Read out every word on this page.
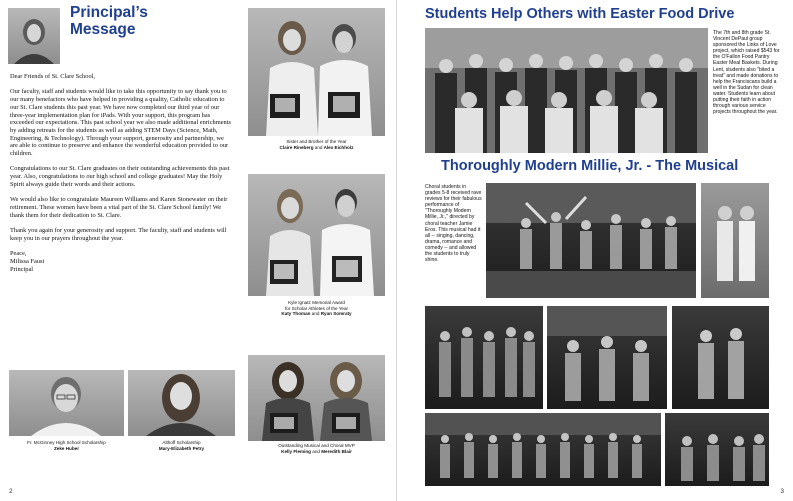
Principal’s
Message

Dear Friends of St. Clare School,

Our faculty, staff and students would like to take this opportunity to say thank you to our many benefactors who have helped in providing a quality, Catholic education to our St. Clare students this past year. We have now completed our third year of our three-year implementation plan for iPads. With your support, this program has exceeded our expectations. This past school year we also made additional enrichments by adding retreats for the students as well as adding STEM Days (Science, Math, Engineering, & Technology). Through your support, generosity and partnership, we are able to continue to preserve and enhance the wonderful education provided to our children.

Congratulations to our St. Clare graduates on their outstanding achievements this past year. Also, congratulations to our high school and college graduates! May the Holy Spirit always guide their words and their actions.

We would also like to congratulate Maureen Williams and Karen Stonewater on their retirement. These women have been a vital part of the St. Clare School family! We thank them for their dedication to St. Clare.

Thank you again for your generosity and support. The faculty, staff and students will keep you in our prayers throughout the year.

Peace,
Milissa Faust
Principal
Sister and Brother of the Year
Claire Rineberg and Alex Eichholz
Kyle Ignatz Memorial Award
for Scholar Athletes of the Year
Katy Thoman and Ryan Somraty
Fr. McGinney High School Scholarship
Zeke Huber
Althoff Scholarship
Mary-Elizabeth Petry
Outstanding Musical and Choral MVP
Kelly Fleming and Meredith Blair
2
Students Help Others with Easter Food Drive
The 7th and 8th grade St. Vincent DePaul group sponsored the Links of Love project, which raised $543 for the O'Fallon Food Pantry Easter Meal Baskets. During Lent, students also "bited a treat" and made donations to help the Franciscans build a well in the Sudan for clean water. Students learn about putting their faith in action through various service projects throughout the year.
Thoroughly Modern Millie, Jr. - The Musical
Choral students in grades 5-8 received rave reviews for their fabulous performance of "Thoroughly Modern Millie, Jr.," directed by choral teacher Jamie Eros. This musical had it all -- singing, dancing, drama, romance and comedy -- and allowed the students to truly shine.
3
